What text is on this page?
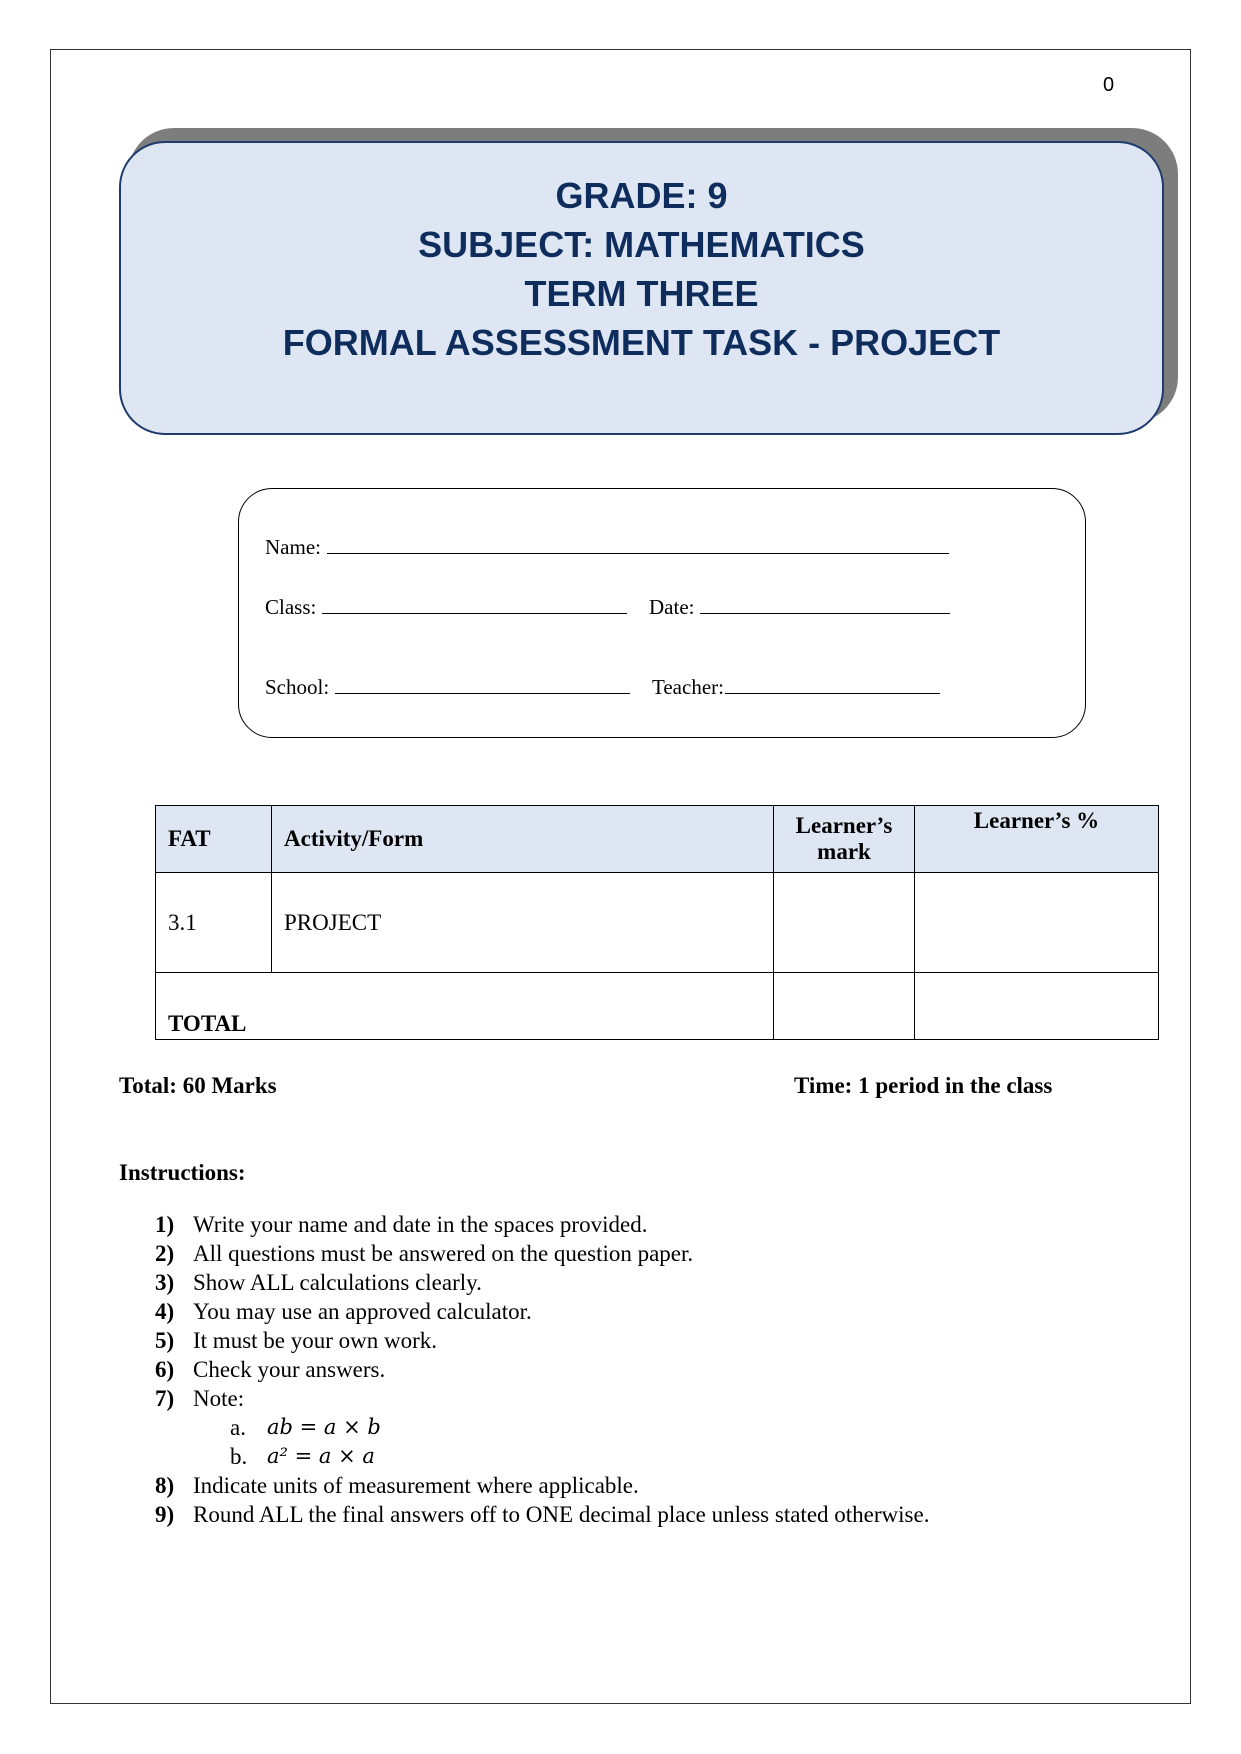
0
GRADE: 9
SUBJECT: MATHEMATICS
TERM THREE
FORMAL ASSESSMENT TASK - PROJECT
Name:
Class:	Date:
School:	Teacher:
FAT	Activity/Form	Learner’s mark	Learner’s %
3.1	PROJECT		
TOTAL			
Total: 60 Marks	Time: 1 period in the class
Instructions:
1) Write your name and date in the spaces provided.
2) All questions must be answered on the question paper.
3) Show ALL calculations clearly.
4) You may use an approved calculator.
5) It must be your own work.
6) Check your answers.
7) Note:
a. ab = a × b
b. a² = a × a
8) Indicate units of measurement where applicable.
9) Round ALL the final answers off to ONE decimal place unless stated otherwise.
